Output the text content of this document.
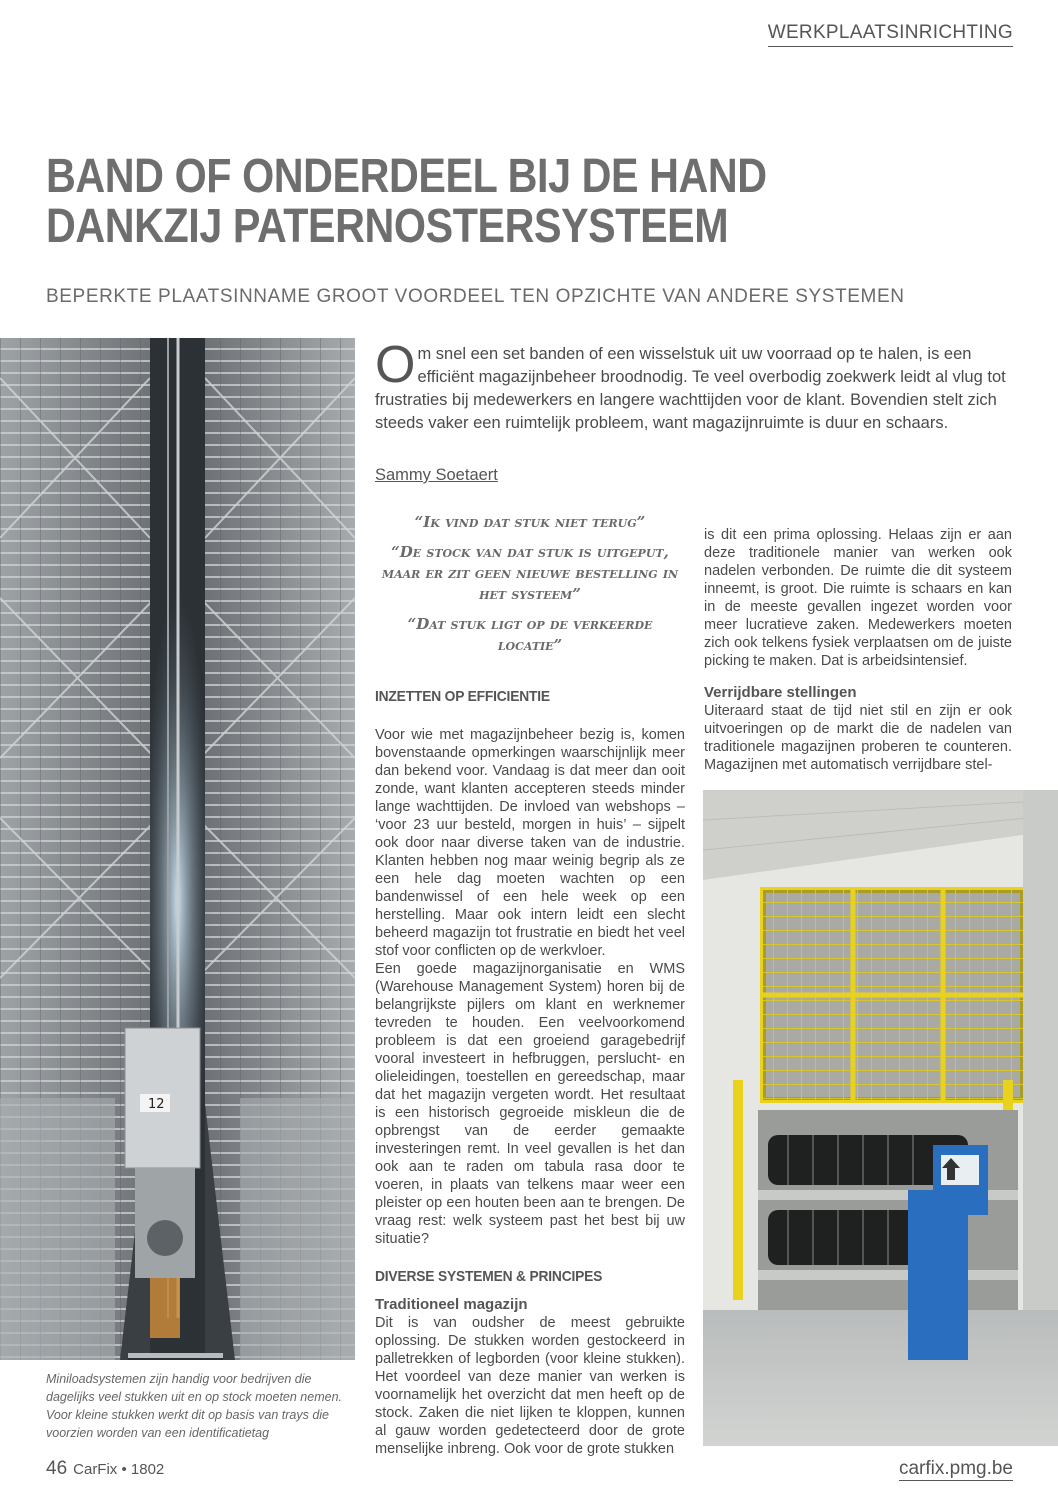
WERKPLAATSINRICHTING
BAND OF ONDERDEEL BIJ DE HAND
DANKZIJ PATERNOSTERSYSTEEM
BEPERKTE PLAATSINNAME GROOT VOORDEEL TEN OPZICHTE VAN ANDERE SYSTEMEN
12
Miniloadsystemen zijn handig voor bedrijven die dagelijks veel stukken uit en op stock moeten nemen. Voor kleine stukken werkt dit op basis van trays die voorzien worden van een identificatietag
Om snel een set banden of een wisselstuk uit uw voorraad op te halen, is een efficiënt magazijnbeheer broodnodig. Te veel overbodig zoekwerk leidt al vlug tot frustraties bij medewerkers en langere wachttijden voor de klant. Bovendien stelt zich steeds vaker een ruimtelijk probleem, want magazijnruimte is duur en schaars.
Sammy Soetaert
“Ik vind dat stuk niet terug”
“De stock van dat stuk is uitgeput, maar er zit geen nieuwe bestelling in het systeem”
“Dat stuk ligt op de verkeerde locatie”
INZETTEN OP EFFICIENTIE

Voor wie met magazijnbeheer bezig is, komen bovenstaande opmerkingen waarschijnlijk meer dan bekend voor. Vandaag is dat meer dan ooit zonde, want klanten accepteren steeds minder lange wachttijden. De invloed van webshops – ‘voor 23 uur besteld, morgen in huis’ – sijpelt ook door naar diverse taken van de industrie. Klanten hebben nog maar weinig begrip als ze een hele dag moeten wachten op een bandenwissel of een hele week op een herstelling. Maar ook intern leidt een slecht beheerd magazijn tot frustratie en biedt het veel stof voor conflicten op de werkvloer.

Een goede magazijnorganisatie en WMS (Warehouse Management System) horen bij de belangrijkste pijlers om klant en werknemer tevreden te houden. Een veelvoorkomend probleem is dat een groeiend garagebedrijf vooral investeert in hefbruggen, perslucht- en olieleidingen, toestellen en gereedschap, maar dat het magazijn vergeten wordt. Het resultaat is een historisch gegroeide miskleun die de opbrengst van de eerder gemaakte investeringen remt. In veel gevallen is het dan ook aan te raden om tabula rasa door te voeren, in plaats van telkens maar weer een pleister op een houten been aan te brengen. De vraag rest: welk systeem past het best bij uw situatie?

DIVERSE SYSTEMEN & PRINCIPES
Traditioneel magazijn

Dit is van oudsher de meest gebruikte oplossing. De stukken worden gestockeerd in palletrekken of legborden (voor kleine stukken). Het voordeel van deze manier van werken is voornamelijk het overzicht dat men heeft op de stock. Zaken die niet lijken te kloppen, kunnen al gauw worden gedetecteerd door de grote menselijke inbreng. Ook voor de grote stukken

is dit een prima oplossing. Helaas zijn er aan deze traditionele manier van werken ook nadelen verbonden. De ruimte die dit systeem inneemt, is groot. Die ruimte is schaars en kan in de meeste gevallen ingezet worden voor meer lucratieve zaken. Medewerkers moeten zich ook telkens fysiek verplaatsen om de juiste picking te maken. Dat is arbeidsintensief.

Verrijdbare stellingen

Uiteraard staat de tijd niet stil en zijn er ook uitvoeringen op de markt die de nadelen van traditionele magazijnen proberen te counteren. Magazijnen met automatisch verrijdbare stel-

46 CarFix • 1802	carfix.pmg.be
